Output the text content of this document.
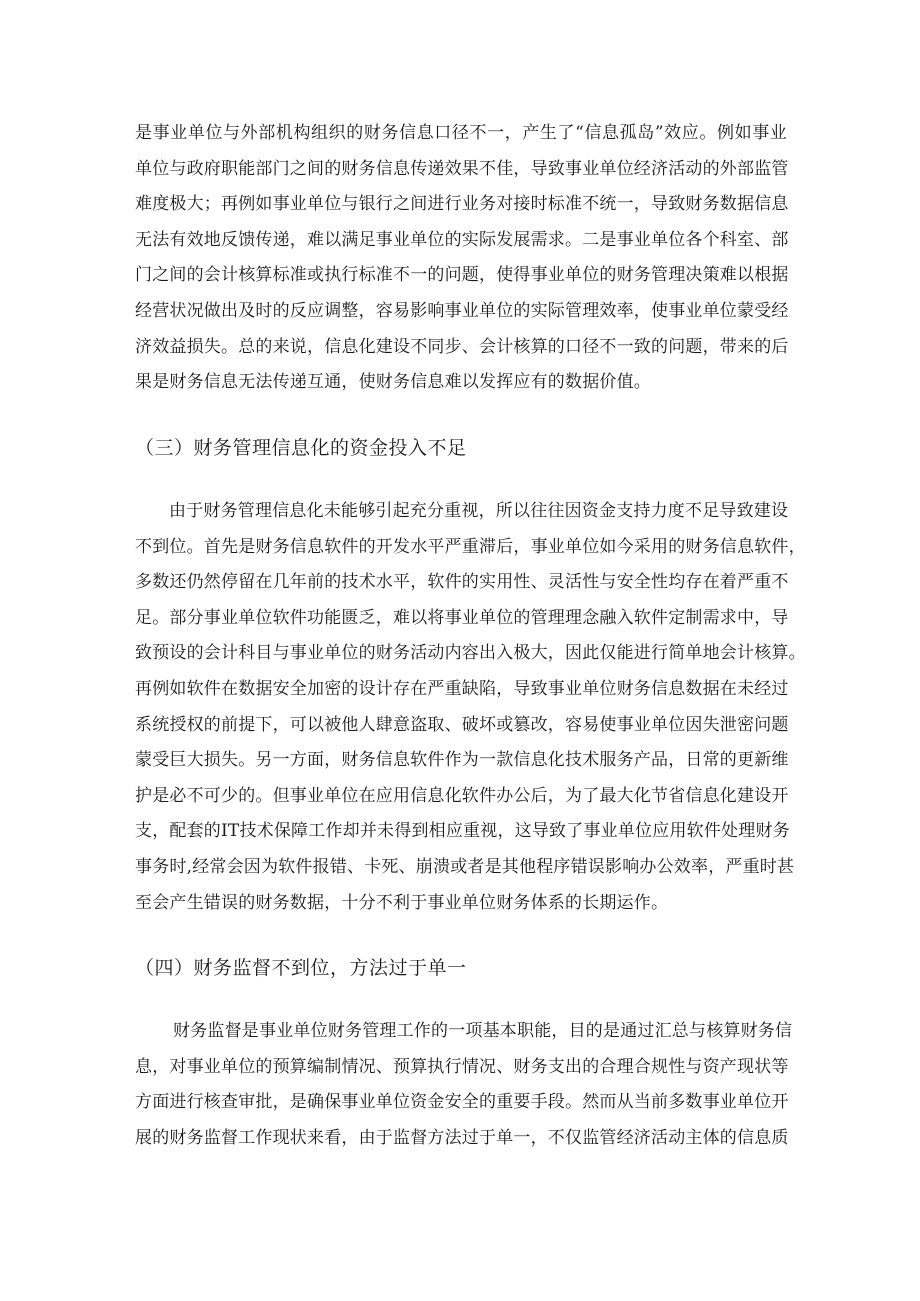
是事业单位与外部机构组织的财务信息口径不一，产生了“信息孤岛”效应。例如事业
单位与政府职能部门之间的财务信息传递效果不佳，导致事业单位经济活动的外部监管
难度极大；再例如事业单位与银行之间进行业务对接时标准不统一，导致财务数据信息
无法有效地反馈传递，难以满足事业单位的实际发展需求。二是事业单位各个科室、部
门之间的会计核算标准或执行标准不一的问题，使得事业单位的财务管理决策难以根据
经营状况做出及时的反应调整，容易影响事业单位的实际管理效率，使事业单位蒙受经
济效益损失。总的来说，信息化建设不同步、会计核算的口径不一致的问题，带来的后
果是财务信息无法传递互通，使财务信息难以发挥应有的数据价值。
（三）财务管理信息化的资金投入不足
由于财务管理信息化未能够引起充分重视，所以往往因资金支持力度不足导致建设
不到位。首先是财务信息软件的开发水平严重滞后，事业单位如今采用的财务信息软件，
多数还仍然停留在几年前的技术水平，软件的实用性、灵活性与安全性均存在着严重不
足。部分事业单位软件功能匮乏，难以将事业单位的管理理念融入软件定制需求中，导
致预设的会计科目与事业单位的财务活动内容出入极大，因此仅能进行简单地会计核算。
再例如软件在数据安全加密的设计存在严重缺陷，导致事业单位财务信息数据在未经过
系统授权的前提下，可以被他人肆意盗取、破坏或篡改，容易使事业单位因失泄密问题
蒙受巨大损失。另一方面，财务信息软件作为一款信息化技术服务产品，日常的更新维
护是必不可少的。但事业单位在应用信息化软件办公后，为了最大化节省信息化建设开
支，配套的IT技术保障工作却并未得到相应重视，这导致了事业单位应用软件处理财务
事务时,经常会因为软件报错、卡死、崩溃或者是其他程序错误影响办公效率，严重时甚
至会产生错误的财务数据，十分不利于事业单位财务体系的长期运作。
（四）财务监督不到位，方法过于单一
财务监督是事业单位财务管理工作的一项基本职能，目的是通过汇总与核算财务信
息，对事业单位的预算编制情况、预算执行情况、财务支出的合理合规性与资产现状等
方面进行核查审批，是确保事业单位资金安全的重要手段。然而从当前多数事业单位开
展的财务监督工作现状来看，由于监督方法过于单一，不仅监管经济活动主体的信息质
